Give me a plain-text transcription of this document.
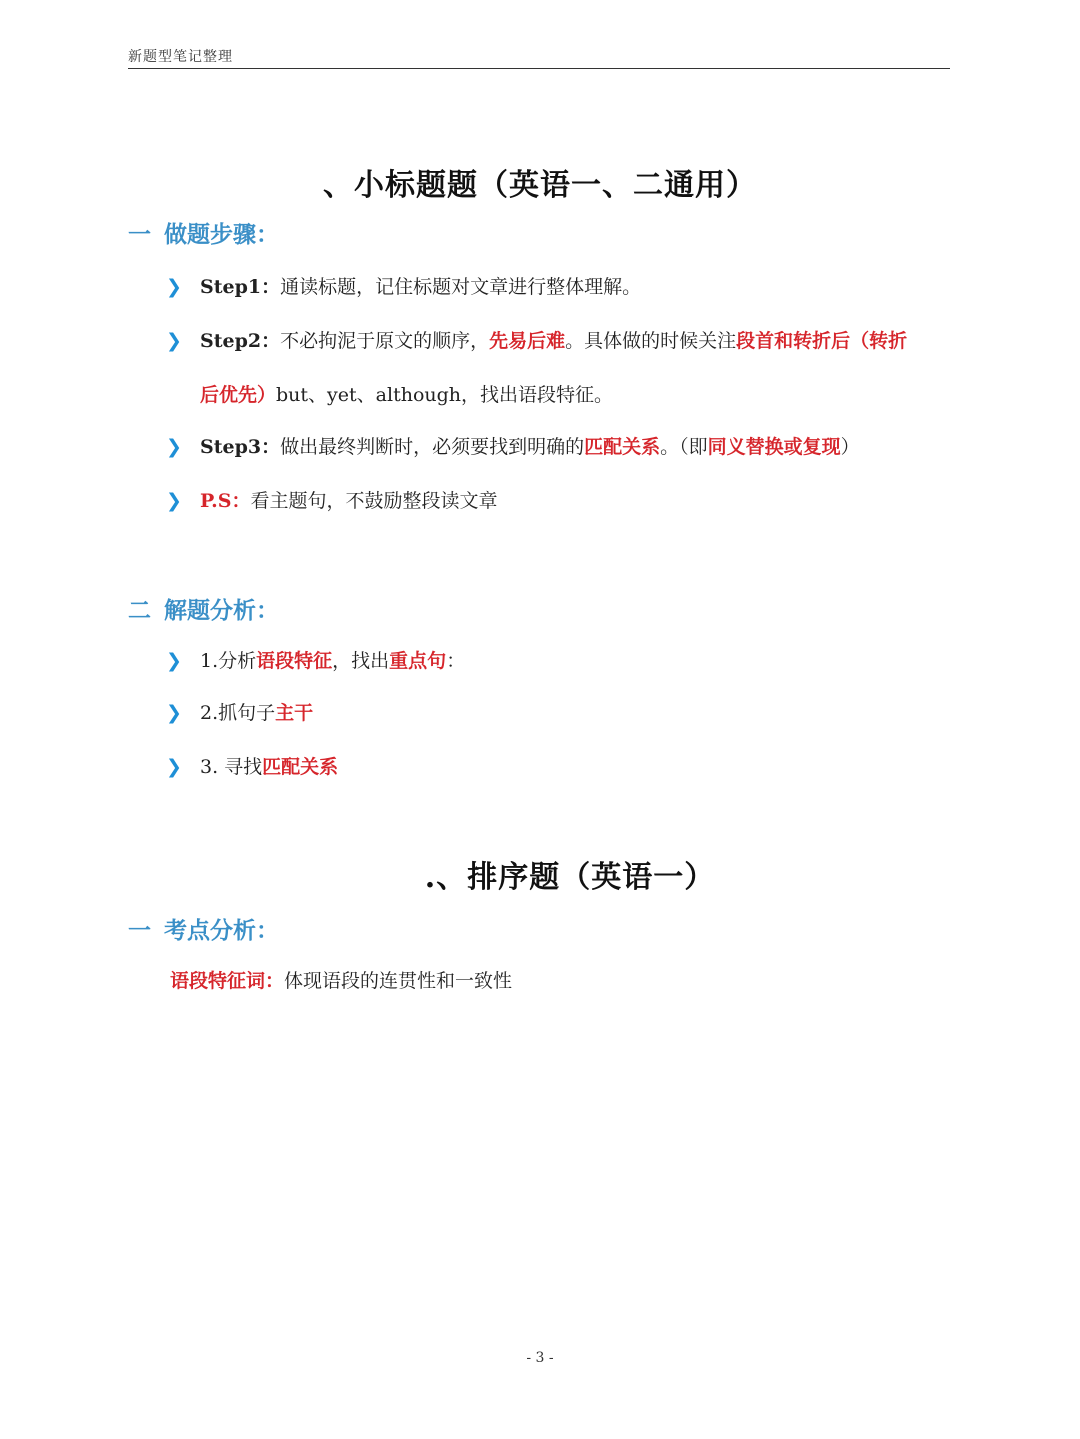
新题型笔记整理
、小标题题（英语一、二通用）
一 做题步骤：
❯ Step1：通读标题，记住标题对文章进行整体理解。
❯ Step2：不必拘泥于原文的顺序，先易后难。具体做的时候关注段首和转折后（转折
后优先）but、yet、although，找出语段特征。
❯ Step3：做出最终判断时，必须要找到明确的匹配关系。（即同义替换或复现）
❯ P.S：看主题句，不鼓励整段读文章
二 解题分析：
❯ 1.分析语段特征，找出重点句：
❯ 2.抓句子主干
❯ 3. 寻找匹配关系
.、排序题（英语一）
一 考点分析：
语段特征词：体现语段的连贯性和一致性
- 3 -
